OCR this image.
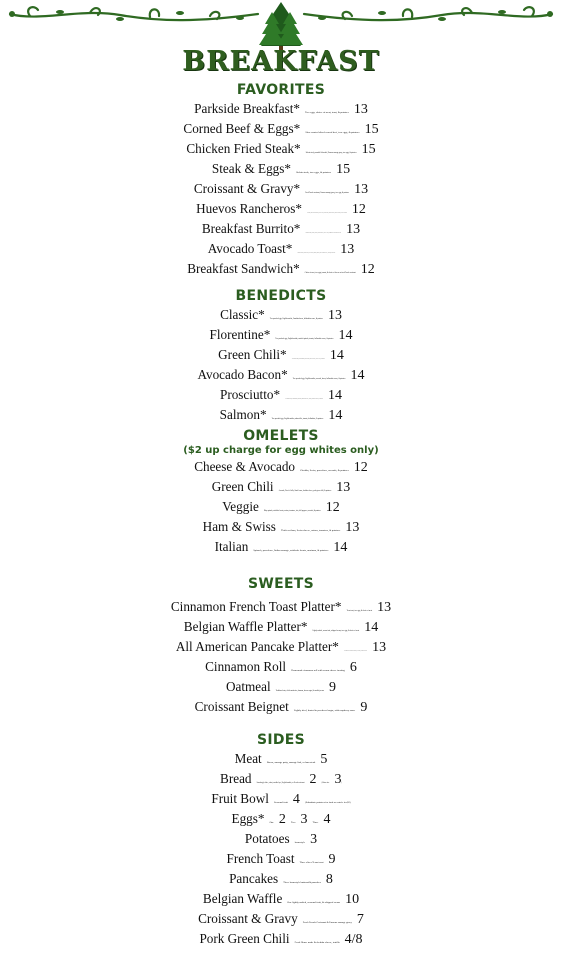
BREAKFAST
FAVORITES
Parkside Breakfast* Two eggs, choice of meat, toast, & potatoes 13
Corned Beef & Eggs* Slow roasted sliced corned beef, two eggs, & potatoes 15
Chicken Fried Steak*	Sirloin steak, pounded & breaded, Famous sausage gravy, two eggs, & potatoes 15
Steak & Eggs* Sirloin steak, two eggs, & potatoes 15
Croissant & Gravy*	Fresh French croissant, Famous sausage gravy, two eggs, & potatoes 13
Huevos Rancheros*	12
Breakfast Burrito*	13
Avocado Toast*	13
Breakfast Sandwich*	Choice of meat, two eggs, tomato, & choice of cheese on fresh French croissant 12
BENEDICTS
Classic*	Two poached eggs, English muffin, Canadian bacon, hollandaise sauce, & potatoes 13
Florentine*	Two poached eggs, English muffin, sautéed spinach, tomato, hollandaise sauce, & potatoes 14
Green Chili*	14
Avocado Bacon*	Two poached eggs, English muffin, avocado, bacon, hollandaise sauce, & potatoes 14
Prosciutto*	14
Salmon*	Two poached eggs, English muffin, salmon filet, tomato, hollandaise, & potatoes 14
OMELETS
($2 up charge for egg whites only)
Cheese & Avocado Cheddar, Swiss, provolone, avocado, & potatoes 12
Green Chili	Avocado, Pico de Gallo, black beans, cheddar cheese, pork green chili, & potatoes 13
Veggie	Baby spinach, artichoke hearts, onions, tomatoes, feta, bell peppers, avocado, & potatoes 12
Ham & Swiss Thick cut ham, Swiss cheese, onions, tomatoes, & potatoes 13
Italian Spinach, provolone, Italian sausage, artichoke hearts, marinara, & potatoes 14
SWEETS
Cinnamon French Toast Platter*	Texas toast, two eggs, & choice of meat 13
Belgian Waffle Platter*	Lightly malted, season fruit, whipped cream, two eggs, & choice of meat 14
All American Pancake Platter* 13
Cinnamon Roll Homemade cinnamon roll with cream cheese frosting 6
Oatmeal	Traditional oats, dried cranberries, bananas, brown sugar, & candied pecans 9
Croissant Beignet Lightly fried, dusted in powdered sugar, with raspberry sauce 9
SIDES
Meat Bacon, sausage patty, sausage link, or ham steak 5
Bread	Sourdough, white, wheat, marbled rye, English muffin, or French croissant 2	(Gluten free 3)
Fruit Bowl Seasonal fruit 4 (Substitute potatoes for fruit on entrée for $2)
Eggs* One 2 Two 3 Three 4
Potatoes homestyle 3
French Toast Three slices Texas toast 9
Pancakes Three homestyle buttermilk pancakes 8
Belgian Waffle One lightly malted, seasonal fruit, & whipped cream 10
Croissant & Gravy Fresh French Croissant & Famous sausage gravy 7
Pork Green Chili Fresh House made & cheddar cheese, tortilla 4/8
